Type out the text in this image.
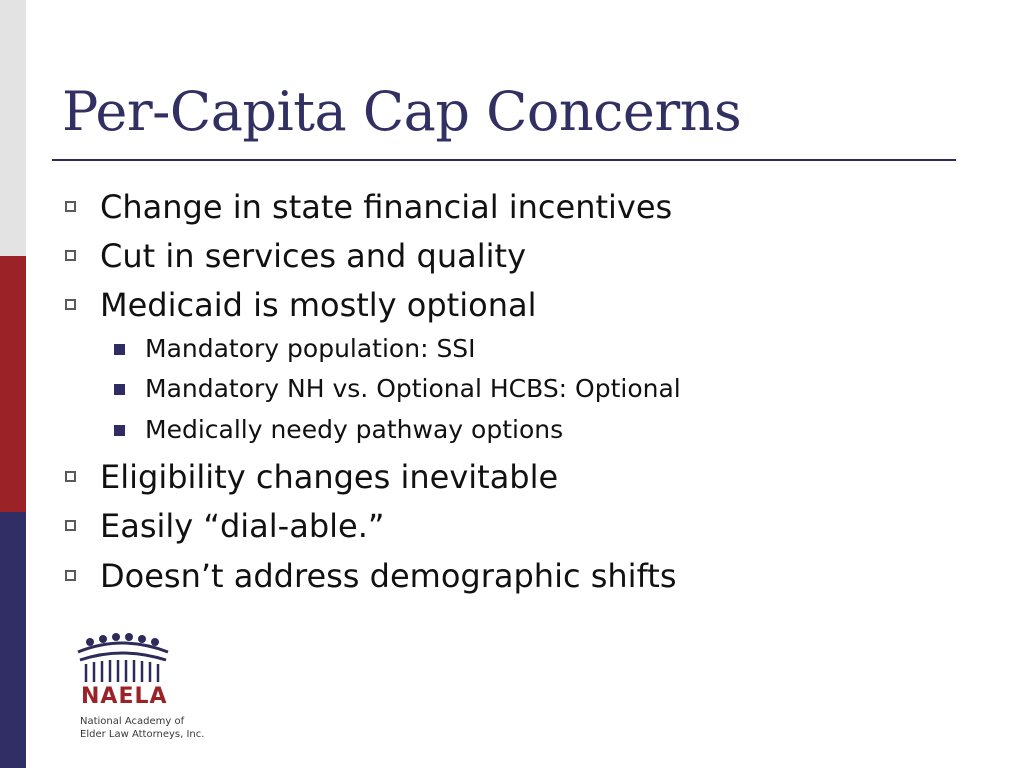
Per-Capita Cap Concerns
Change in state financial incentives
Cut in services and quality
Medicaid is mostly optional
Mandatory population: SSI
Mandatory NH vs. Optional HCBS: Optional
Medically needy pathway options
Eligibility changes inevitable
Easily “dial-able.”
Doesn’t address demographic shifts
NAELA
National Academy of
Elder Law Attorneys, Inc.
